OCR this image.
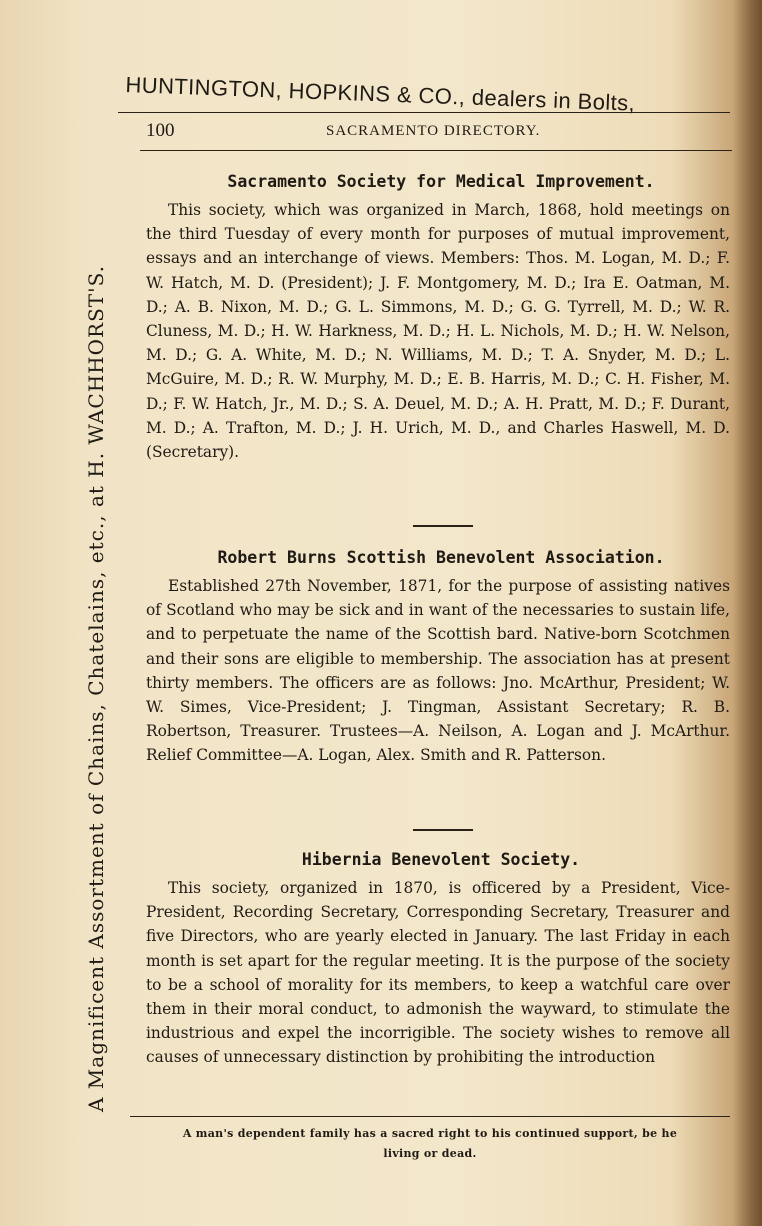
HUNTINGTON, HOPKINS & CO., dealers in Bolts,
A Magnificent Assortment of Chains, Chatelains, etc., at H. WACHHORST'S.
100	SACRAMENTO DIRECTORY.
Sacramento Society for Medical Improvement.
This society, which was organized in March, 1868, hold meetings on the third Tuesday of every month for purposes of mutual improvement, essays and an interchange of views. Members: Thos. M. Logan, M. D.; F. W. Hatch, M. D. (President); J. F. Montgomery, M. D.; Ira E. Oatman, M. D.; A. B. Nixon, M. D.; G. L. Simmons, M. D.; G. G. Tyrrell, M. D.; W. R. Cluness, M. D.; H. W. Harkness, M. D.; H. L. Nichols, M. D.; H. W. Nelson, M. D.; G. A. White, M. D.; N. Williams, M. D.; T. A. Snyder, M. D.; L. McGuire, M. D.; R. W. Murphy, M. D.; E. B. Harris, M. D.; C. H. Fisher, M. D.; F. W. Hatch, Jr., M. D.; S. A. Deuel, M. D.; A. H. Pratt, M. D.; F. Durant, M. D.; A. Trafton, M. D.; J. H. Urich, M. D., and Charles Haswell, M. D. (Secretary).
Robert Burns Scottish Benevolent Association.
Established 27th November, 1871, for the purpose of assisting natives of Scotland who may be sick and in want of the necessaries to sustain life, and to perpetuate the name of the Scottish bard. Native-born Scotchmen and their sons are eligible to membership. The association has at present thirty members. The officers are as follows: Jno. McArthur, President; W. W. Simes, Vice-President; J. Tingman, Assistant Secretary; R. B. Robertson, Treasurer. Trustees—A. Neilson, A. Logan and J. McArthur. Relief Committee—A. Logan, Alex. Smith and R. Patterson.
Hibernia Benevolent Society.
This society, organized in 1870, is officered by a President, Vice-President, Recording Secretary, Corresponding Secretary, Treasurer and five Directors, who are yearly elected in January. The last Friday in each month is set apart for the regular meeting. It is the purpose of the society to be a school of morality for its members, to keep a watchful care over them in their moral conduct, to admonish the wayward, to stimulate the industrious and expel the incorrigible. The society wishes to remove all causes of unnecessary distinction by prohibiting the introduction
A man's dependent family has a sacred right to his continued support, be he
living or dead.
